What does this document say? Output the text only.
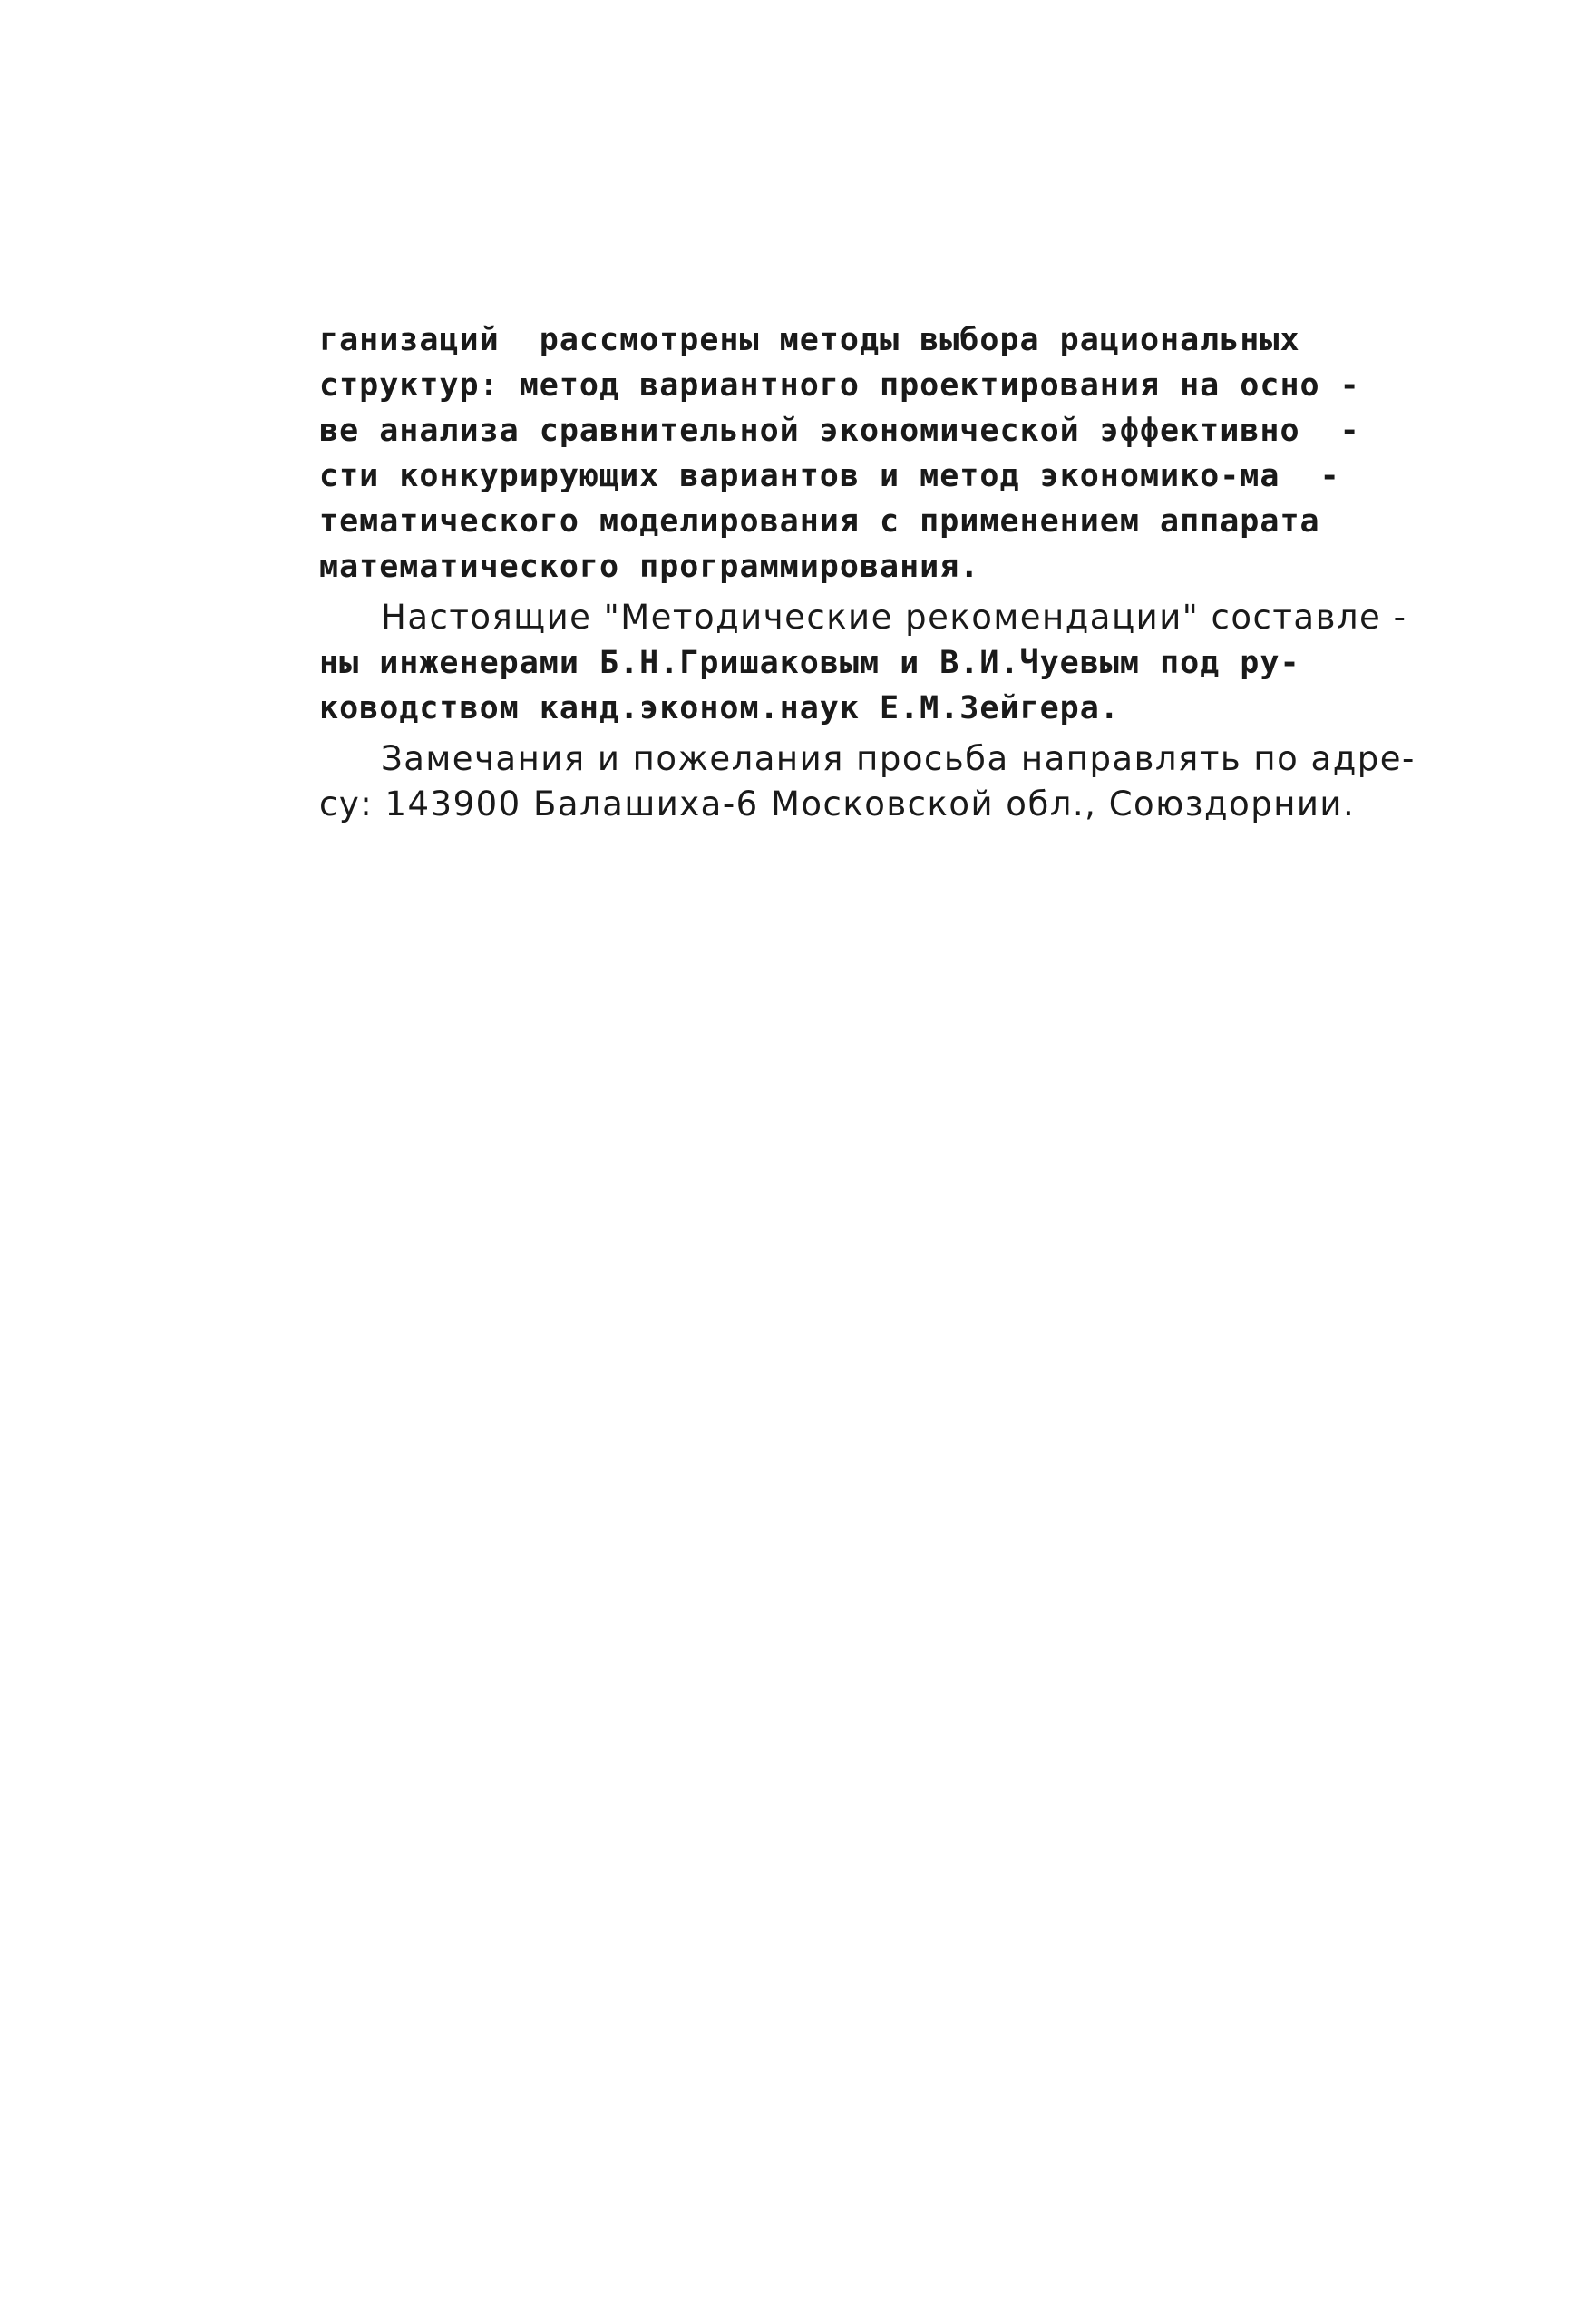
ганизаций  рассмотрены методы выбора рациональных
структур: метод вариантного проектирования на осно -
ве анализа сравнительной экономической эффективно  -
сти конкурирующих вариантов и метод экономико-ма  -
тематического моделирования с применением аппарата
математического программирования.
Настоящие "Методические рекомендации" составле -
ны инженерами Б.Н.Гришаковым и В.И.Чуевым под ру-
ководством канд.эконом.наук Е.М.Зейгера.
Замечания и пожелания просьба направлять по адре-
су: 143900 Балашиха-6 Московской обл., Союздорнии.
